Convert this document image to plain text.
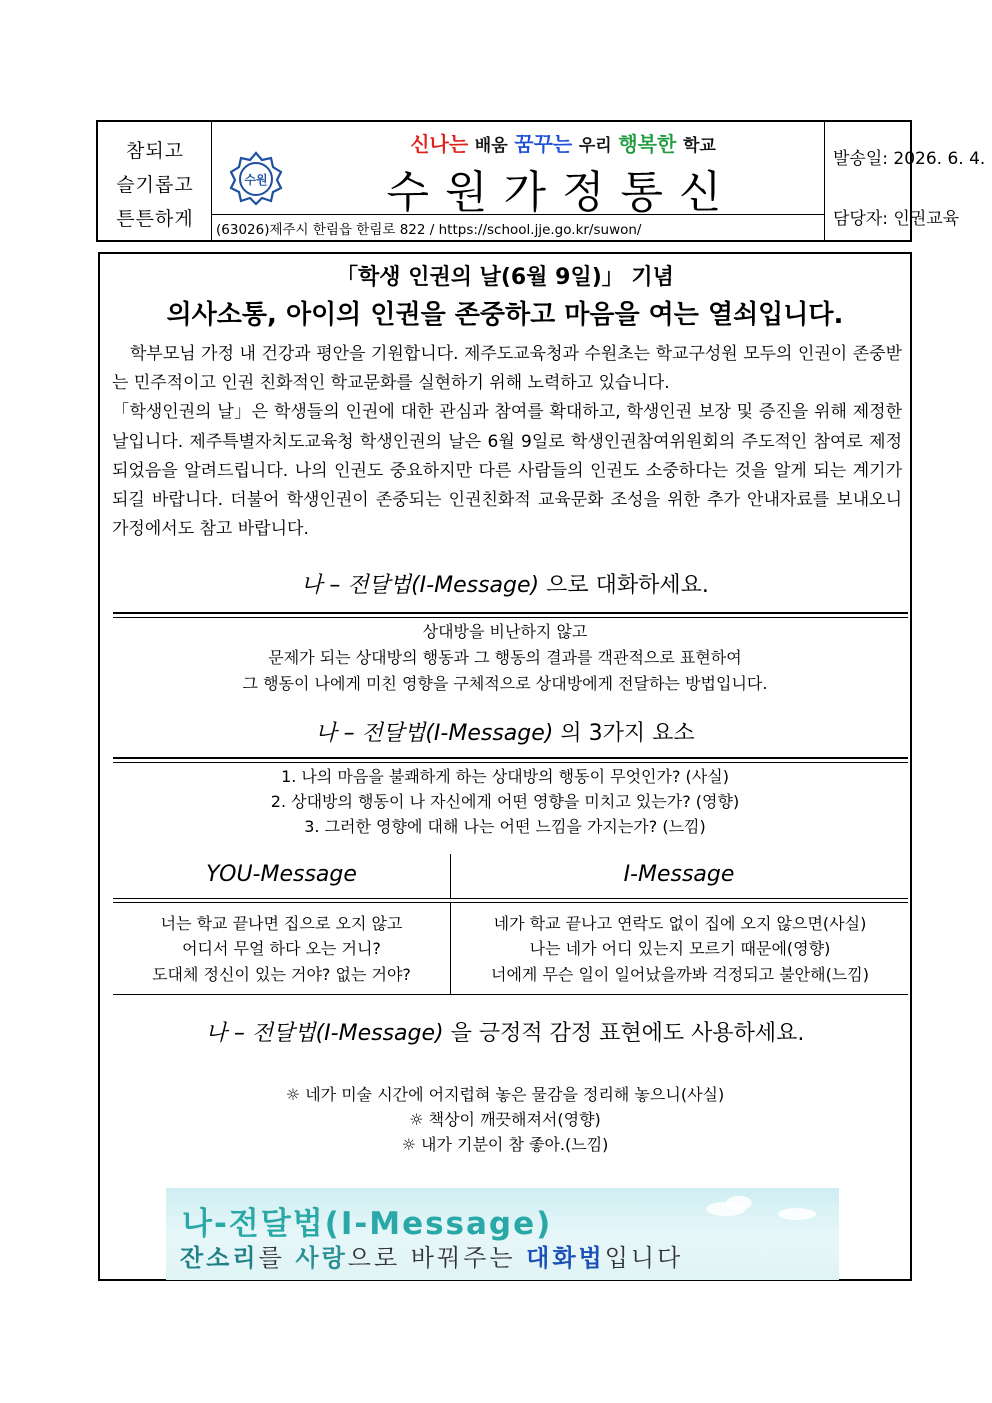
참되고
슬기롭고
튼튼하게
수원
신나는 배움 꿈꾸는 우리 행복한 학교
수원가정통신
(63026)제주시 한림읍 한림로 822 / https://school.jje.go.kr/suwon/
발송일: 2026. 6. 4.
담당자: 인권교육
「학생 인권의 날(6월 9일)」 기념
의사소통, 아이의 인권을 존중하고 마음을 여는 열쇠입니다.

학부모님 가정 내 건강과 평안을 기원합니다. 제주도교육청과 수원초는 학교구성원 모두의 인권이 존중받는 민주적이고 인권 친화적인 학교문화를 실현하기 위해 노력하고 있습니다.

「학생인권의 날」은 학생들의 인권에 대한 관심과 참여를 확대하고, 학생인권 보장 및 증진을 위해 제정한 날입니다. 제주특별자치도교육청 학생인권의 날은 6월 9일로 학생인권참여위원회의 주도적인 참여로 제정되었음을 알려드립니다. 나의 인권도 중요하지만 다른 사람들의 인권도 소중하다는 것을 알게 되는 계기가 되길 바랍니다. 더불어 학생인권이 존중되는 인권친화적 교육문화 조성을 위한 추가 안내자료를 보내오니 가정에서도 참고 바랍니다.

나 – 전달법(I-Message) 으로 대화하세요.
상대방을 비난하지 않고
문제가 되는 상대방의 행동과 그 행동의 결과를 객관적으로 표현하여
그 행동이 나에게 미친 영향을 구체적으로 상대방에게 전달하는 방법입니다.
나 – 전달법(I-Message) 의 3가지 요소
1. 나의 마음을 불쾌하게 하는 상대방의 행동이 무엇인가? (사실)
2. 상대방의 행동이 나 자신에게 어떤 영향을 미치고 있는가? (영향)
3. 그러한 영향에 대해 나는 어떤 느낌을 가지는가? (느낌)
YOU-Message	I-Message
너는 학교 끝나면 집으로 오지 않고
어디서 무얼 하다 오는 거니?
도대체 정신이 있는 거야? 없는 거야?
네가 학교 끝나고 연락도 없이 집에 오지 않으면(사실)
나는 네가 어디 있는지 모르기 때문에(영향)
너에게 무슨 일이 일어났을까봐 걱정되고 불안해(느낌)
나 – 전달법(I-Message) 을 긍정적 감정 표현에도 사용하세요.
☼ 네가 미술 시간에 어지럽혀 놓은 물감을 정리해 놓으니(사실)
☼ 책상이 깨끗해져서(영향)
☼ 내가 기분이 참 좋아.(느낌)
나-전달법(I-Message)
잔소리를 사랑으로 바꿔주는 대화법입니다
